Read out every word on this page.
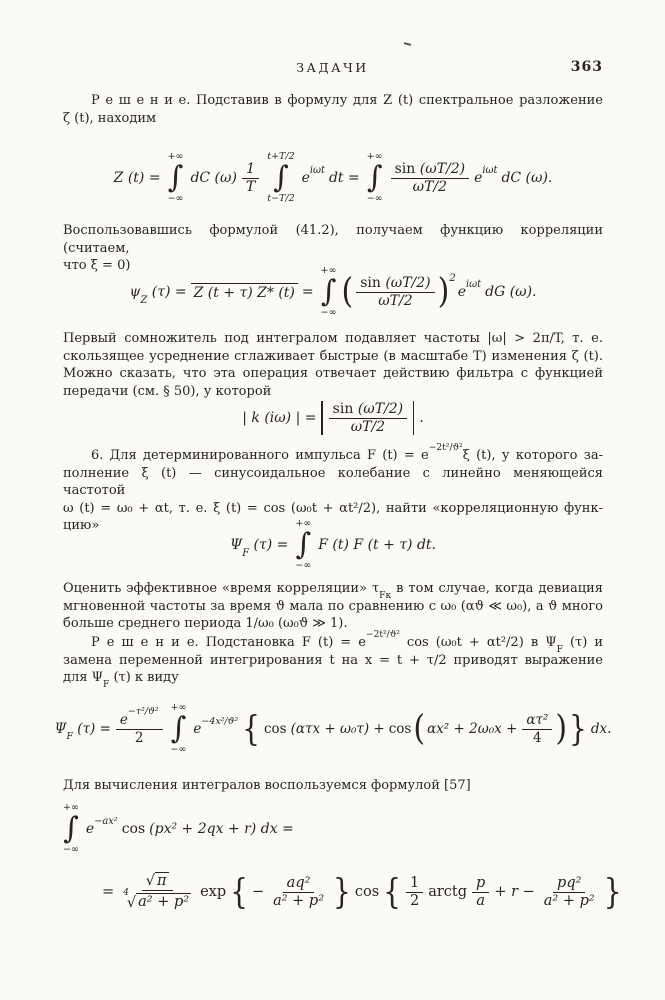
ЗАДАЧИ	363
Р е ш е н и е. Подставив в формулу для Z (t) спектральное разложение
ζ (t), находим
Z (t) =
+∞
∫
−∞
dC $(\omega) \frac{1}{T}$
t+T/2
∫
t−T/2
$e^{i\omega t}$ dt =
+∞
∫
−∞
$\frac{\sin (\omega T/2)}{\omega T/2} e^{i\omega t}$ dC (ω).
Воспользовавшись формулой (41.2), получаем функцию корреляции (считаем,
что ξ̄ = 0)
$\psi_Z$ (τ) = Z (t + τ) Z* (t) =
+∞
∫
−∞
( $\frac{\sin (\omega T/2)}{\omega T/2} )^2$
$e^{i\omega t}$ dG (ω).
Первый сомножитель под интегралом подавляет частоты |ω| > 2π/T, т. е.
скользящее усреднение сглаживает быстрые (в масштабе T) изменения ζ (t).
Можно сказать, что эта операция отвечает действию фильтра с функцией
передачи (см. § 50), у которой
| k (iω) | = $\frac{\sin (\omega T/2)}{\omega T/2}$ .
6. Для детерминированного импульса F $(t) = e^{-2t^2/ϑ^2}\xi$ (t), у которого за-
полнение ξ (t) — синусоидальное колебание с линейно меняющейся частотой
ω (t) = ω₀ + αt, т. е. ξ (t) = cos (ω₀t + αt²/2), найти «корреляционную функ-
цию»
$\Psi_F$ (τ) =
+∞
∫
−∞
F (t) F (t + τ) dt.
Оценить эффективное «время корреляции» $\tau_{Fк}$ в том случае, когда девиация
мгновенной частоты за время ϑ мала по сравнению с ω₀ (αϑ ≪ ω₀), а ϑ много
больше среднего периода 1/ω₀ (ω₀ϑ ≫ 1).
Р е ш е н и е. Подстановка F $(t) = e^{-2t^2/ϑ^2}$ cos (ω₀t + αt²/2) в $\Psi_F$ (τ) и
замена переменной интегрирования t на x = t + τ/2 приводят выражение
для $\Psi_F$ (τ) к виду
$\Psi_F$ $(\tau) = \frac{e^{-\tau^2/ϑ^2}}{2}$
+∞
∫
−∞
$e^{-4x^2/ϑ^2}$ { cos (ατx + ω₀τ) + cos ( $\alpha x^2 + 2\omega_0x + \frac{\text{ατ²}}{4}$ ) } dx.
Для вычисления интегралов воспользуемся формулой [57]
+∞
∫
−∞
$e^{-ax^2}$ cos (px² + 2qx + r) dx =
= $\frac{√ \pi}{^4√ a^2 + p^2}$ exp { − $\frac{\text{aq²}}{\text{a² + p²}}$ } cos { $\frac{1}{2}$ arctg $\frac{p}{a} + r - \frac{\text{pq²}}{\text{a² + p²}}$ }
